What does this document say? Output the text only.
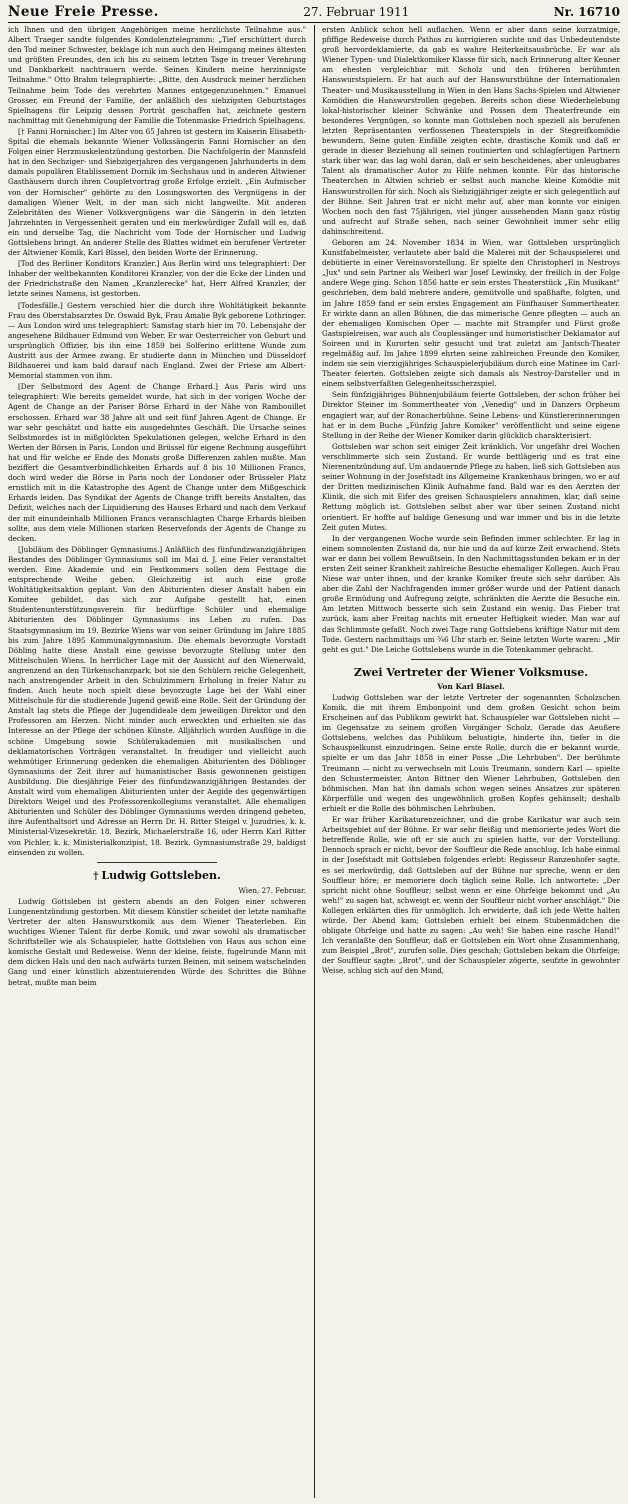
Neue Freie Presse.	27. Februar 1911	Nr. 16710

ich Ihnen und den übrigen Angehörigen meine herzlichste Teilnahme aus." Albert Traeger sandte folgendes Kondolenztelegramm: „Tief erschüttert durch den Tod meiner Schwester, beklage ich nun auch den Heimgang meines ältesten und größten Freundes, den ich bis zu seinem letzten Tage in treuer Verehrung und Dankbarkeit nachtrauern werde. Seinen Kindern meine herzinnigste Teilnahme." Otto Brahm telegraphierte: „Bitte, den Ausdruck meiner herzlichen Teilnahme beim Tode des verehrten Mannes entgegenzunehmen." Emanuel Grosser, ein Freund der Familie, der anläßlich des siebzigsten Geburtstages Spielhagens für Leipzig dessen Porträt geschaffen hat, zeichnete gestern nachmittag mit Genehmigung der Familie die Totenmaske Friedrich Spielhagens.

[† Fanni Hornischer.] Im Alter von 65 Jahren ist gestern im Kaiserin Elisabeth-Spital die ehemals bekannte Wiener Volkssängerin Fanni Hornischer an den Folgen einer Herzmuskelentzündung gestorben. Die Nachfolgerin der Mannsfeld hat in den Sechziger- und Siebzigerjahren des vergangenen Jahrhunderts in dem damals populären Etablissement Dornik im Sechshaus und in anderen Altwiener Gasthäusern durch ihren Coupletvortrag große Erfolge erzielt. „Ein Aufmischer von der Hornischer" gehörte zu den Losungsworten des Vergnügens in der damaligen Wiener Welt, in der man sich nicht langweilte. Mit anderen Zelebritäten des Wiener Volksvergnügens war die Sängerin in den letzten Jahrzehnten in Vergessenheit geraten und ein merkwürdiger Zufall will es, daß ein und derselbe Tag, die Nachricht vom Tode der Hornischer und Ludwig Gottslebens bringt. An anderer Stelle des Blattes widmet ein berufener Vertreter der Altwiener Komik, Karl Blasel, den beiden Worte der Erinnerung.

[Tod des Berliner Konditors Kranzler.] Aus Berlin wird uns telegraphiert: Der Inhaber der weltbekannten Konditorei Kranzler, von der die Ecke der Linden und der Friedrichstraße den Namen „Kranzlerecke" hat, Herr Alfred Kranzler, der letzte seines Namens, ist gestorben.

[Todesfälle.] Gestern verschied hier die durch ihre Wohltätigkeit bekannte Frau des Oberstabsarztes Dr. Oswald Byk, Frau Amalie Byk geborene Lothringer. — Aus London wird uns telegraphiert: Samstag starb hier im 70. Lebensjahr der angesehene Bildhauer Edmund von Weber. Er war Oesterreicher von Geburt und ursprünglich Offizier, bis ihn eine 1859 bei Solferino erlittene Wunde zum Austritt aus der Armee zwang. Er studierte dann in München und Düsseldorf Bildhauerei und kam bald darauf nach England. Zwei der Friese am Albert-Memorial stammen von ihm.

[Der Selbstmord des Agent de Change Erhard.] Aus Paris wird uns telegraphiert: Wie bereits gemeldet wurde, hat sich in der vorigen Woche der Agent de Change an der Pariser Börse Erhard in der Nähe von Rambouillet erschossen. Erhard war 38 Jahre alt und seit fünf Jahren Agent de Change. Er war sehr geschätzt und hatte ein ausgedehntes Geschäft. Die Ursache seines Selbstmordes ist in mißglückten Spekulationen gelegen, welche Erhard in den Werten der Börsen in Paris, London und Brüssel für eigene Rechnung ausgeführt hat und für welche er Ende des Monats große Differenzen zahlen mußte. Man beziffert die Gesamtverbindlichkeiten Erhards auf 8 bis 10 Millionen Francs, doch wird weder die Börse in Paris noch der Londoner oder Brüsseler Platz ernstlich mit in die Katastrophe des Agent de Change unter dem Mißgeschick Erhards leiden. Das Syndikat der Agents de Change trifft bereits Anstalten, das Defizit, welches nach der Liquidierung des Hauses Erhard und nach dem Verkauf der mit einundeinhalb Millionen Francs veranschlagten Charge Erhards bleiben sollte, aus dem viele Millionen starken Reservefonds der Agents de Change zu decken.

[Jubiläum des Döblinger Gymnasiums.] Anläßlich des fünfundzwanzigjährigen Bestandes des Döblinger Gymnasiums soll im Mai d. J. eine Feier veranstaltet werden. Eine Akademie und ein Festkommers sollen dem Festtage die entsprechende Weihe geben. Gleichzeitig ist auch eine große Wohltätigkeitsaktion geplant. Von den Abiturienten dieser Anstalt haben ein Komitee gebildet, das sich zur Aufgabe gestellt hat, einen Studentenunterstützungsverein für bedürftige Schüler und ehemalige Abiturienten des Döblinger Gymnasiums ins Leben zu rufen. Das Staatsgymnasium im 19. Bezirke Wiens war von seiner Gründung im Jahre 1885 bis zum Jahre 1895 Kommunalgymnasium. Die ehemals bevorzugte Vorstadt Döbling hatte diese Anstalt eine gewisse bevorzugte Stellung unter den Mittelschulen Wiens. In herrlicher Lage mit der Aussicht auf den Wienerwald, angrenzend an den Türkenschanzpark, bot sie den Schülern reiche Gelegenheit, nach anstrengender Arbeit in den Schulzimmern Erholung in freier Natur zu finden. Auch heute noch spielt diese bevorzugte Lage bei der Wahl einer Mittelschule für die studierende Jugend gewiß eine Rolle. Seit der Gründung der Anstalt lag stets die Pflege der Jugendideale dem jeweiligen Direktor und den Professoren am Herzen. Nicht minder auch erweckten und erhielten sie das Interesse an der Pflege der schönen Künste. Alljährlich wurden Ausflüge in die schöne Umgebung sowie Schülerakademien mit musikalischen und deklamatorischen Vorträgen veranstaltet. In freudiger und vielleicht auch wehmütiger Erinnerung gedenken die ehemaligen Abiturienten des Döblinger Gymnasiums der Zeit ihrer auf humanistischer Basis gewonnenen geistigen Ausbildung. Die diesjährige Feier des fünfundzwanzigjährigen Bestandes der Anstalt wird vom ehemaligen Abiturienten unter der Aegide des gegenwärtigen Direktors Weigel und des Professorenkollegiums veranstaltet. Alle ehemaligen Abiturienten und Schüler des Döblinger Gymnasiums werden dringend gebeten, ihre Aufenthaltsort und Adresse an Herrn Dr. H. Ritter Steigel v. Juzudries, k. k. Ministerial-Vizesekretär, 18. Bezirk, Michaelerstraße 16, oder Herrn Karl Ritter von Pichler, k. k. Ministerialkonzipist, 18. Bezirk, Gymnasiumstraße 29, baldigst einsenden zu wollen.

† Ludwig Gottsleben.

Wien, 27. Februar.

Ludwig Gottsleben ist gestern abends an den Folgen einer schweren Lungenentzündung gestorben. Mit diesem Künstler scheidet der letzte namhafte Vertreter der alten Hanswurstkomik aus dem Wiener Theaterleben. Ein wuchtiges Wiener Talent für derbe Komik, und zwar sowohl als dramatischer Schriftsteller wie als Schauspieler, hatte Gottsleben von Haus aus schon eine komische Gestalt und Redeweise. Wenn der kleine, feiste, fugelrunde Mann mit dem dicken Hals und den nach aufwärts turzen Beinen, mit seinem watschelnden Gang und einer künstlich abzentuierenden Würde des Schrittes die Bühne betrat, mußte man beim

ersten Anblick schon hell auflachen. Wenn er aber dann seine kurzatmige, pfiffige Redeweise durch Pathos zu korrigieren suchte und das Unbedeutendste groß hervordeklamierte, da gab es wahre Heiterkeitsausbrüche. Er war als Wiener Typen- und Dialektkomiker Klasse für sich, nach Erinnerung alter Kenner am ehesten vergleichbar mit Scholz und den früheren berühmten Hanswurstspielern. Er hat auch auf der Hanswurstbühne der Internationalen Theater- und Musikausstellung in Wien in den Hans Sachs-Spielen und Altwiener Komödien die Hanswurstrollen gegeben. Bereits schon diese Wiederbelebung lokal-historischer kleiner Schwänke und Possen dem Theaterfreunde ein besonderes Vergnügen, so konnte man Gottsleben noch speziell als berufenen letzten Repräsentanten verflossenen Theaterspiels in der Stegreifkomödie bewundern. Seine guten Einfälle zeigten echte, drastische Komik und daß er gerade in dieser Beziehung all seinen routinierten und schlagfertigen Partnern stark über war, das lag wohl daran, daß er sein bescheidenes, aber unleugbares Talent als dramatischer Autor zu Hilfe nehmen konnte. Für das historische Theaterchen in Altwien schrieb er selbst auch manche kleine Komödie mit Hanswurstrollen für sich. Noch als Siebzigjähriger zeigte er sich gelegentlich auf der Bühne. Seit Jahren trat er nicht mehr auf, aber man konnte vor einigen Wochen noch den fast 75jährigen, viel jünger aussehenden Mann ganz rüstig und aufrecht auf Straße sehen, nach seiner Gewohnheit immer sehr eilig dahinschreitend.

Geboren am 24. November 1834 in Wien, war Gottsleben ursprünglich Kunstfabelmeister, verlautete aber bald die Malerei mit der Schauspielerei und debütierte in einer Vereinsvorstellung. Er spielte den Christopherl in Nestroys „Jux" und sein Partner als Weiberl war Josef Lewinsky, der freilich in der Folge andere Wege ging. Schon 1856 hatte er sein erstes Theaterstück „Ein Musikant" geschrieben, dem bald mehrere andere, gemütvolle und spaßhafte, folgten, und im Jahre 1859 fand er sein erstes Engagement am Fünfhauser Sommertheater. Er wirkte dann an allen Bühnen, die das mimerische Genre pflegten — auch an der ehemaligen Komischen Oper — machte mit Strampfer und Fürst große Gastspielreisen, war auch als Couplessänger und humoristischer Deklamator auf Soireen und in Kurorten sehr gesucht und trat zuletzt am Jantsch-Theater regelmäßig auf. Im Jahre 1899 ehrten seine zahlreichen Freunde den Komiker, indem sie sein vierzigjähriges Schauspielerjubiläum durch eine Matinee im Carl-Theater feierten. Gottsleben zeigte sich damals als Nestroy-Darsteller und in einem selbstverfaßten Gelegenheitsscherzspiel.

Sein fünfzigjähriges Bühnenjubiläum feierte Gottsleben, der schon früher bei Direktor Steiner im Sommertheater von „Venedig" und in Danzers Orpheum engagiert war, auf der Ronacherbühne. Seine Lebens- und Künstlererinnerungen hat er in dem Buche „Fünfzig Jahre Komiker" veröffentlicht und seine eigene Stellung in der Reihe der Wiener Komiker darin glücklich charakterisiert.

Gottsleben war schon seit einiger Zeit kränklich. Vor ungefähr drei Wochen verschlimmerte sich sein Zustand. Er wurde bettlägerig und es trat eine Nierenentzündung auf. Um andauernde Pflege zu haben, ließ sich Gottsleben aus seiner Wohnung in der Josefstadt ins Allgemeine Krankenhaus bringen, wo er auf der Dritten medizinischen Klinik Aufnahme fand. Bald war es den Aerzten der Klinik, die sich mit Eifer des greisen Schauspielers annahmen, klar, daß seine Rettung möglich ist. Gottsleben selbst aber war über seinen Zustand nicht orientiert. Er hoffte auf baldige Genesung und war immer und bis in die letzte Zeit guten Mutes.

In der vergangenen Woche wurde sein Befinden immer schlechter. Er lag in einem somnolenten Zustand da, nur hie und da auf kurze Zeit erwachend. Stets war er dann bei vollem Bewußtsein. In den Nachmittagsstunden bekam er in der ersten Zeit seiner Krankheit zahlreiche Besuche ehemaliger Kollegen. Auch Frau Niese war unter ihnen, und der kranke Komiker freute sich sehr darüber. Als aber die Zahl der Nachfragenden immer größer wurde und der Patient danach große Ermüdung und Aufregung zeigte, schränkten die Aerzte die Besuche ein. Am letzten Mittwoch besserte sich sein Zustand ein wenig. Das Fieber trat zurück, kam aber Freitag nachts mit erneuter Heftigkeit wieder. Man war auf das Schlimmste gefaßt. Noch zwei Tage rang Gottslebens kräftige Natur mit dem Tode. Gestern nachmittags um ¾6 Uhr starb er. Seine letzten Worte waren: „Mir geht es gut." Die Leiche Gottslebens wurde in die Totenkammer gebracht.

Zwei Vertreter der Wiener Volksmuse.

Von Karl Blasel.

Ludwig Gottsleben war der letzte Vertreter der sogenannten Scholzschen Komik, die mit ihrem Embonpoint und dem großen Gesicht schon beim Erscheinen auf das Publikum gewirkt hat. Schauspieler war Gottsleben nicht — im Gegensatze zu seinem großen Vorgänger Scholz. Gerade das Aeußere Gottslebens, welches das Publikum belustigte, hinderte ihn, tiefer in die Schauspielkunst einzudringen. Seine erste Rolle, durch die er bekannt wurde, spielte er um das Jahr 1858 in einer Posse „Die Lehrbuben". Der berühmte Treumann — nicht zu verwechseln mit Louis Treumann, sondern Karl — spielte den Schustermeister, Anton Bittner den Wiener Lehrbuben, Gottsleben den böhmischen. Man hat ihn damals schon wegen seines Ansatzes zur späteren Körperfülle und wegen des ungewöhnlich großen Kopfes gehänselt; deshalb erhielt er die Rolle des böhmischen Lehrbuben.

Er war früher Karikaturenzeichner, und die grobe Karikatur war auch sein Arbeitsgebiet auf der Bühne. Er war sehr fleißig und memorierte jedes Wort die betreffende Rolle, wie oft er sie auch zu spielen hatte, vor der Vorstellung. Dennoch sprach er nicht, bevor der Souffleur die Rede anschlug. Ich habe einmal in der Josefstadt mit Gottsleben folgendes erlebt: Regisseur Ranzenhofer sagte, es sei merkwürdig, daß Gottsleben auf der Bühne nur spreche, wenn er den Souffleur höre; er memoriere doch täglich seine Rolle. Ich antwortete: „Der spricht nicht ohne Souffleur; selbst wenn er eine Ohrfeige bekommt und „Au weh!" zu sagen hat, schweigt er, wenn der Souffleur nicht vorher anschlägt." Die Kollegen erklärten dies für unmöglich. Ich erwiderte, daß ich jede Wette halten würde. Der Abend kam; Gottsleben erhielt bei einem Stubenmädchen die obligate Ohrfeige und hatte zu sagen: „Au weh! Sie haben eine rasche Hand!" Ich veranlaßte den Souffleur, daß er Gottsleben ein Wort ohne Zusammenhang, zum Beispiel „Brot", zurufen solle. Dies geschah; Gottsleben bekam die Ohrfeige; der Souffleur sagte: „Brot", und der Schauspieler zögerte, seufzte in gewohnter Weise, schlug sich auf den Mund,
